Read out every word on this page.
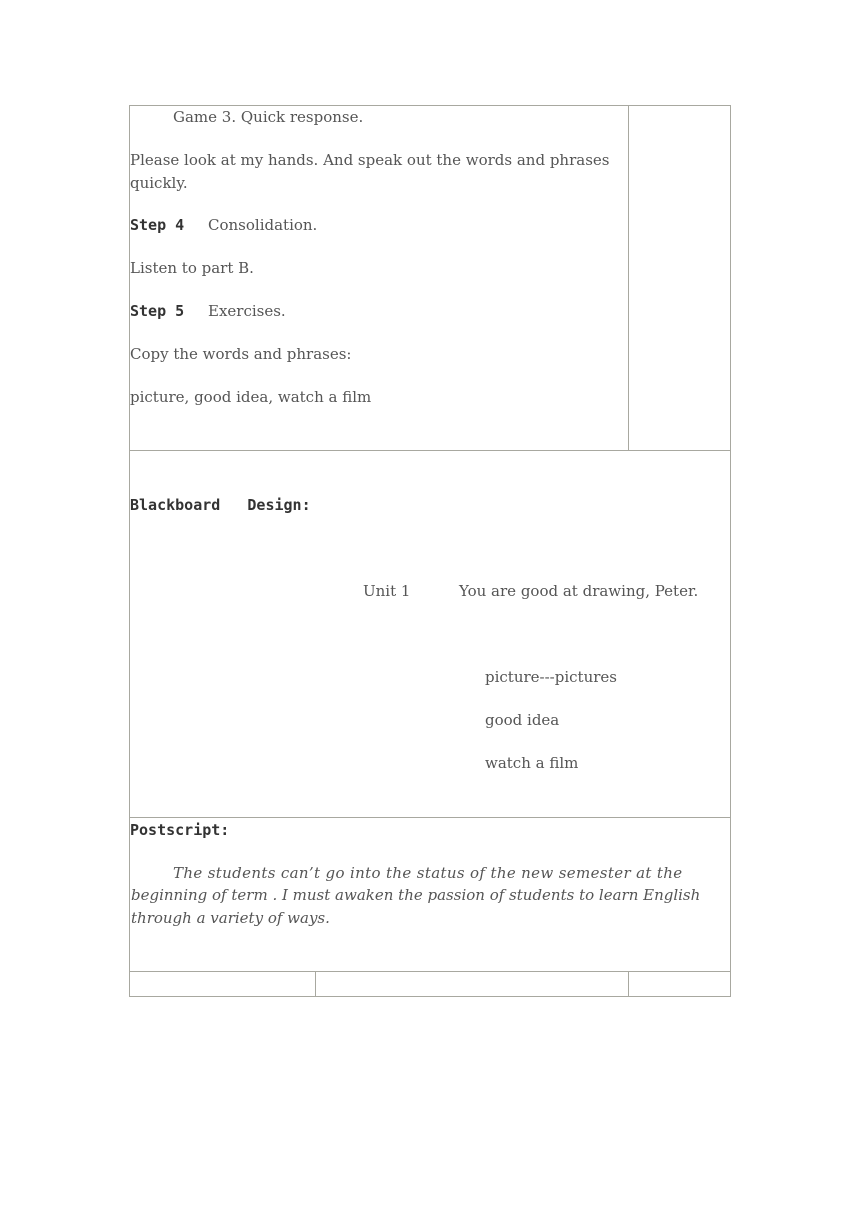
Game 3. Quick response.
Please look at my hands. And speak out the words and phrases
quickly.
Step 4 Consolidation.
Listen to part B.
Step 5 Exercises.
Copy the words and phrases:
picture, good idea, watch a film
Blackboard   Design:
Unit 1	You are good at drawing, Peter.
picture---pictures
good idea
watch a film
Postscript:
The students can’t go into the status of the new semester at the
beginning of term . I must awaken the passion of students to learn English
through a variety of ways.
